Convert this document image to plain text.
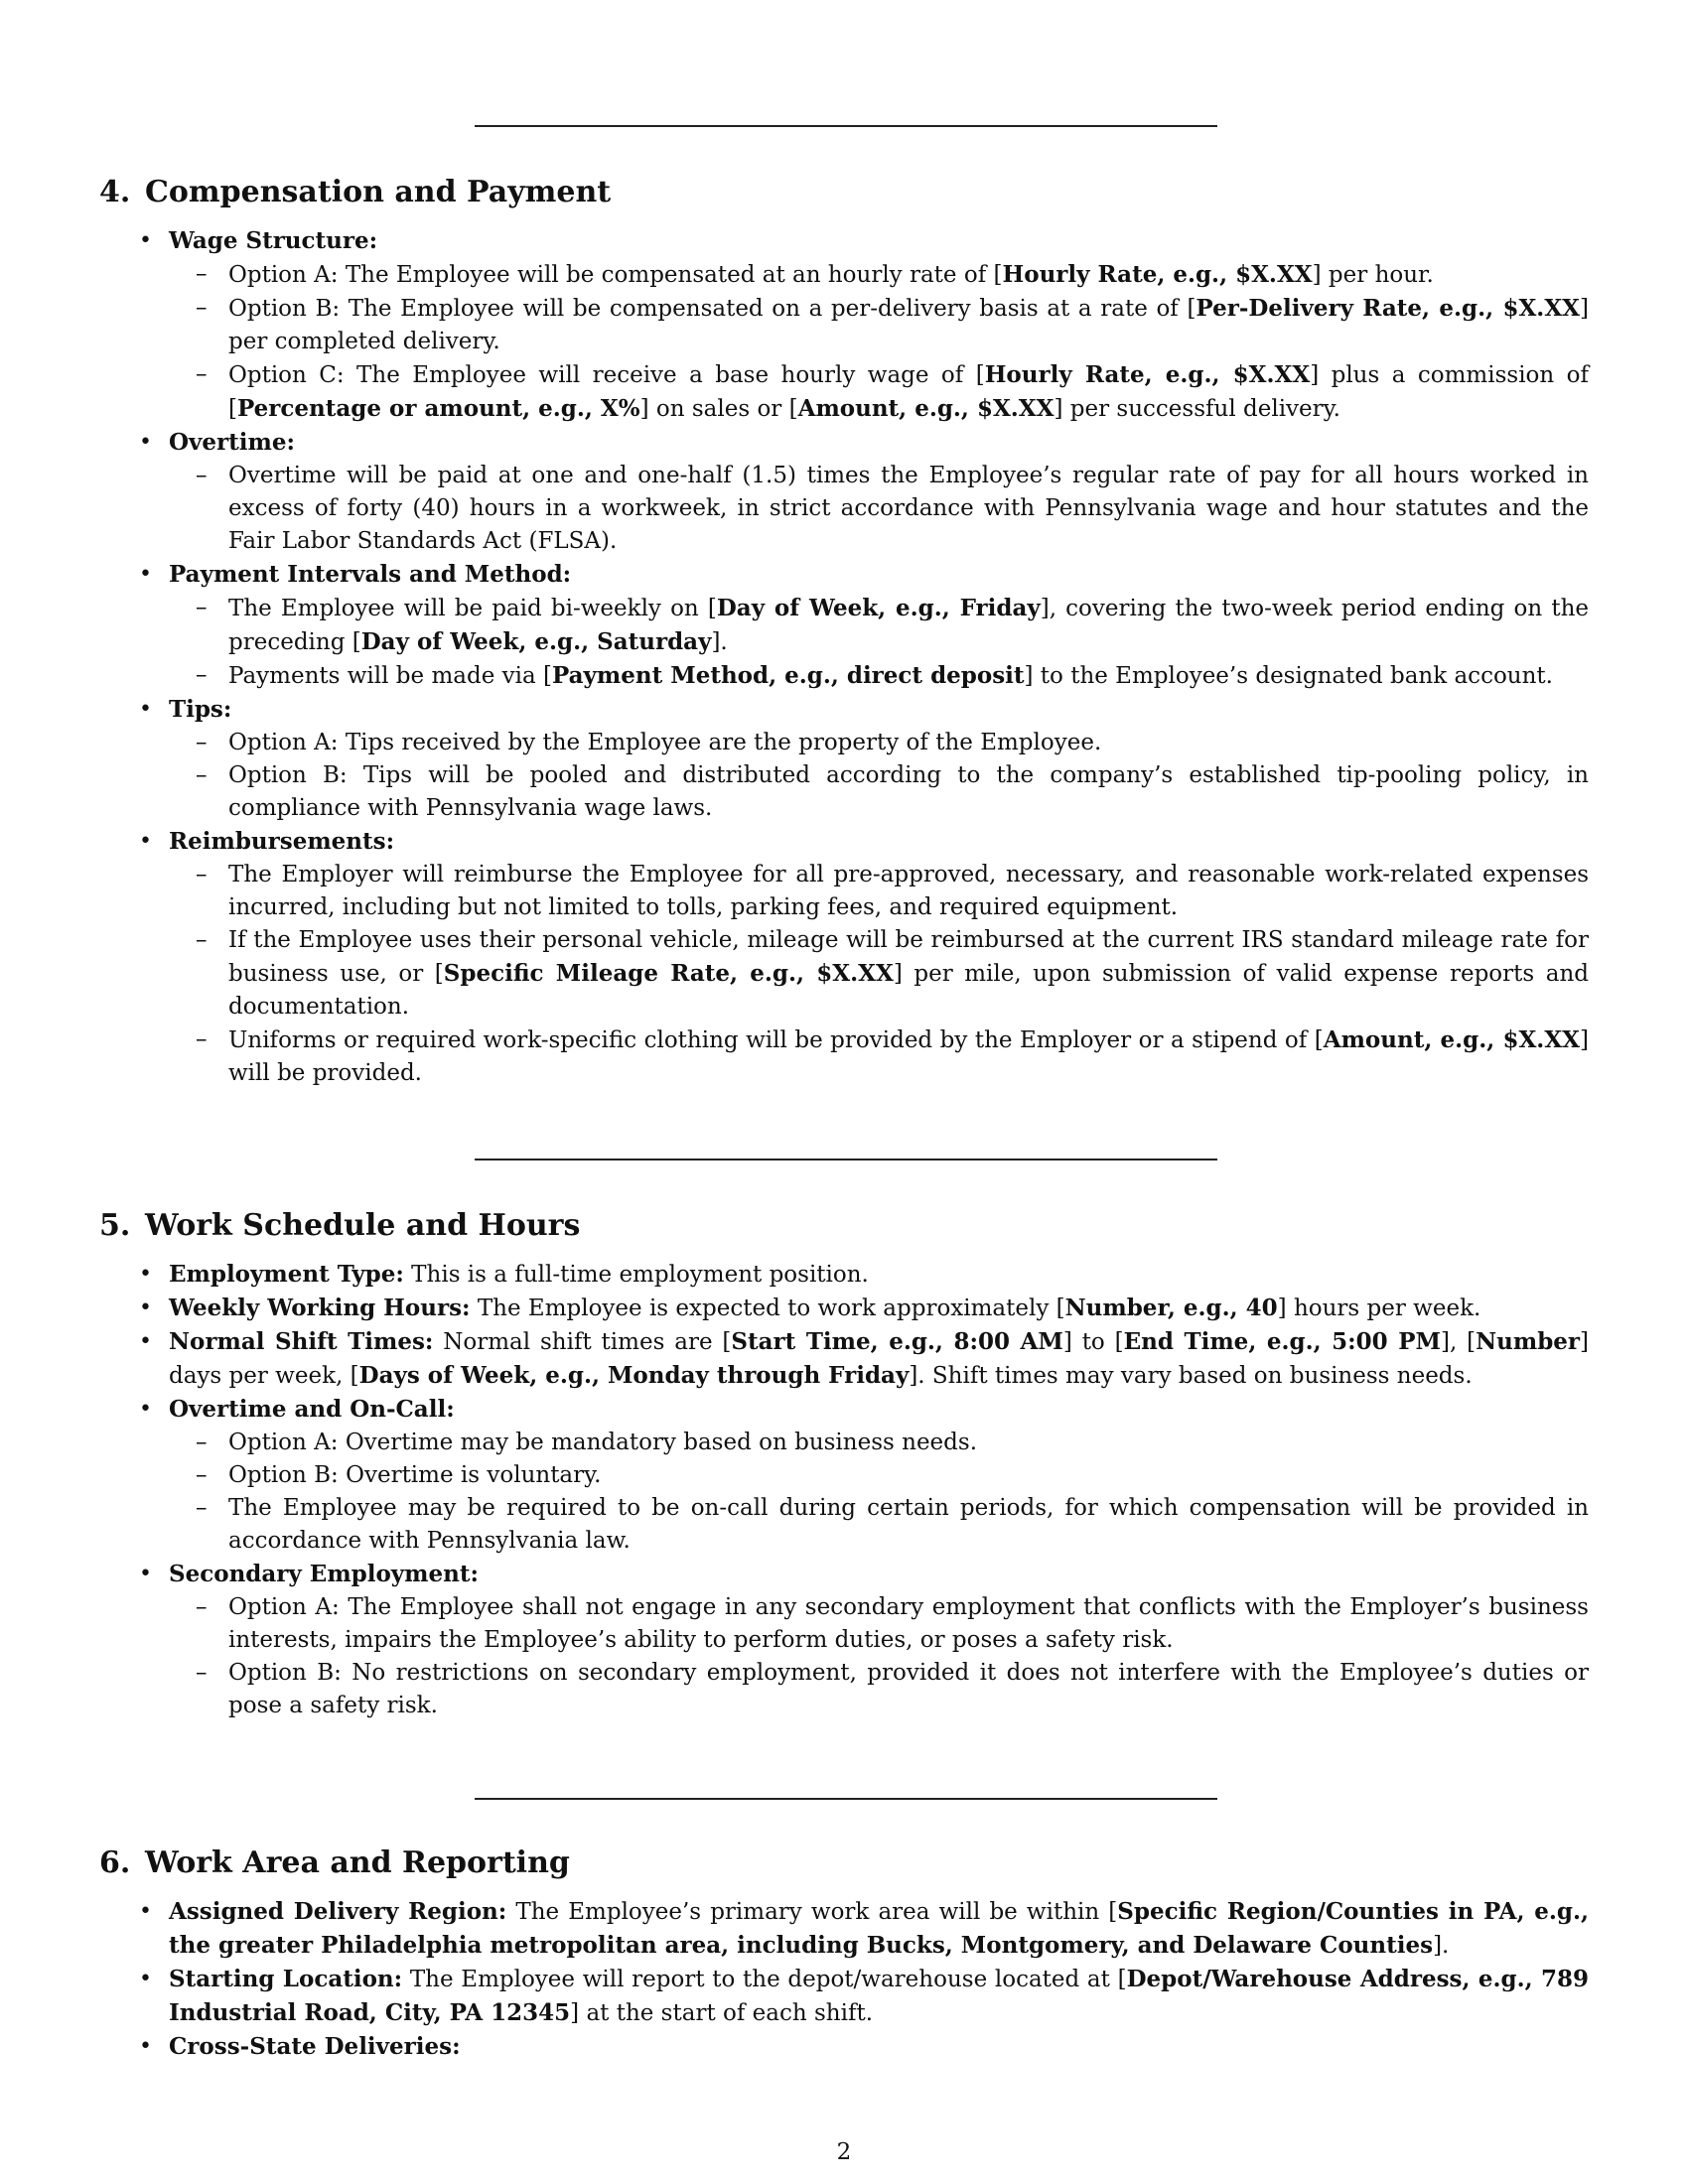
4. Compensation and Payment
• Wage Structure:
– Option A: The Employee will be compensated at an hourly rate of [Hourly Rate, e.g., $X.XX] per hour.
– Option B: The Employee will be compensated on a per-delivery basis at a rate of [Per-Delivery Rate, e.g., $X.XX] per completed delivery.
– Option C: The Employee will receive a base hourly wage of [Hourly Rate, e.g., $X.XX] plus a commission of [Percentage or amount, e.g., X%] on sales or [Amount, e.g., $X.XX] per successful delivery.
• Overtime:
– Overtime will be paid at one and one-half (1.5) times the Employee’s regular rate of pay for all hours worked in excess of forty (40) hours in a workweek, in strict accordance with Pennsylvania wage and hour statutes and the Fair Labor Standards Act (FLSA).
• Payment Intervals and Method:
– The Employee will be paid bi-weekly on [Day of Week, e.g., Friday], covering the two-week period ending on the preceding [Day of Week, e.g., Saturday].
– Payments will be made via [Payment Method, e.g., direct deposit] to the Employee’s designated bank account.
• Tips:
– Option A: Tips received by the Employee are the property of the Employee.
– Option B: Tips will be pooled and distributed according to the company’s established tip-pooling policy, in compliance with Pennsylvania wage laws.
• Reimbursements:
– The Employer will reimburse the Employee for all pre-approved, necessary, and reasonable work-related expenses incurred, including but not limited to tolls, parking fees, and required equipment.
– If the Employee uses their personal vehicle, mileage will be reimbursed at the current IRS standard mileage rate for business use, or [Specific Mileage Rate, e.g., $X.XX] per mile, upon submission of valid expense reports and documentation.
– Uniforms or required work-specific clothing will be provided by the Employer or a stipend of [Amount, e.g., $X.XX] will be provided.
5. Work Schedule and Hours
• Employment Type: This is a full-time employment position.
• Weekly Working Hours: The Employee is expected to work approximately [Number, e.g., 40] hours per week.
• Normal Shift Times: Normal shift times are [Start Time, e.g., 8:00 AM] to [End Time, e.g., 5:00 PM], [Number] days per week, [Days of Week, e.g., Monday through Friday]. Shift times may vary based on business needs.
• Overtime and On-Call:
– Option A: Overtime may be mandatory based on business needs.
– Option B: Overtime is voluntary.
– The Employee may be required to be on-call during certain periods, for which compensation will be provided in accordance with Pennsylvania law.
• Secondary Employment:
– Option A: The Employee shall not engage in any secondary employment that conflicts with the Employer’s business interests, impairs the Employee’s ability to perform duties, or poses a safety risk.
– Option B: No restrictions on secondary employment, provided it does not interfere with the Employee’s duties or pose a safety risk.
6. Work Area and Reporting
• Assigned Delivery Region: The Employee’s primary work area will be within [Specific Region/Counties in PA, e.g., the greater Philadelphia metropolitan area, including Bucks, Montgomery, and Delaware Counties].
• Starting Location: The Employee will report to the depot/warehouse located at [Depot/Warehouse Address, e.g., 789 Industrial Road, City, PA 12345] at the start of each shift.
• Cross-State Deliveries:
2
